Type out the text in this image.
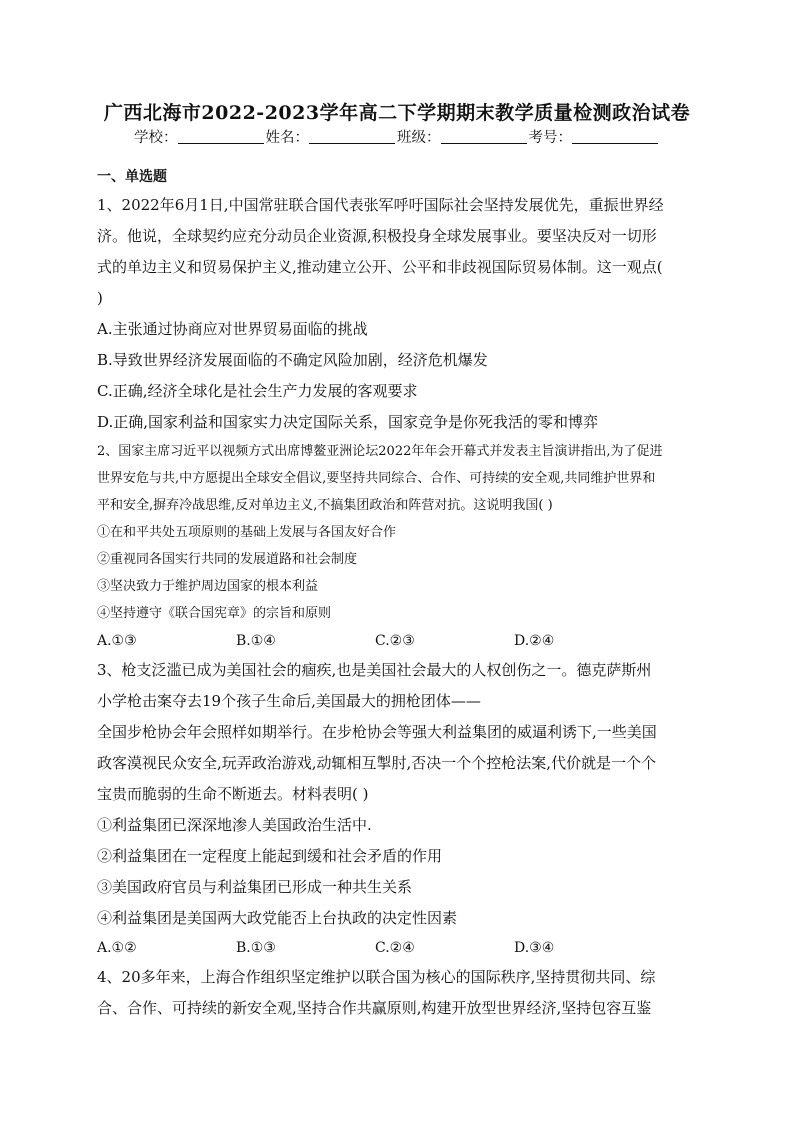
广西北海市2022-2023学年高二下学期期末教学质量检测政治试卷
学校：	姓名：	班级：	考号：
一、单选题

1、2022年6月1日,中国常驻联合国代表张军呼吁国际社会坚持发展优先，重振世界经

济。他说，全球契约应充分动员企业资源,积极投身全球发展事业。要坚决反对一切形

式的单边主义和贸易保护主义,推动建立公开、公平和非歧视国际贸易体制。这一观点(

)

A.主张通过协商应对世界贸易面临的挑战

B.导致世界经济发展面临的不确定风险加剧，经济危机爆发

C.正确,经济全球化是社会生产力发展的客观要求

D.正确,国家利益和国家实力决定国际关系，国家竞争是你死我活的零和博弈

2、国家主席习近平以视频方式出席博鳌亚洲论坛2022年年会开幕式并发表主旨演讲指出,为了促进

世界安危与共,中方愿提出全球安全倡议,要坚持共同综合、合作、可持续的安全观,共同维护世界和

平和安全,摒弃冷战思维,反对单边主义,不搞集团政治和阵营对抗。这说明我国( )

①在和平共处五项原则的基础上发展与各国友好合作

②重视同各国实行共同的发展道路和社会制度

③坚决致力于维护周边国家的根本利益

④坚持遵守《联合国宪章》的宗旨和原则

A.①③	B.①④	C.②③	D.②④

3、枪支泛滥已成为美国社会的痼疾,也是美国社会最大的人权创伤之一。德克萨斯州

小学枪击案夺去19个孩子生命后,美国最大的拥枪团体——

全国步枪协会年会照样如期举行。在步枪协会等强大利益集团的威逼利诱下,一些美国

政客漠视民众安全,玩弄政治游戏,动辄相互掣肘,否决一个个控枪法案,代价就是一个个

宝贵而脆弱的生命不断逝去。材料表明( )

①利益集团已深深地渗人美国政治生活中.

②利益集团在一定程度上能起到缓和社会矛盾的作用

③美国政府官员与利益集团已形成一种共生关系

④利益集团是美国两大政党能否上台执政的决定性因素

A.①②	B.①③	C.②④	D.③④

4、20多年来，上海合作组织坚定维护以联合国为核心的国际秩序,坚持贯彻共同、综

合、合作、可持续的新安全观,坚持合作共赢原则,构建开放型世界经济,坚持包容互鉴
